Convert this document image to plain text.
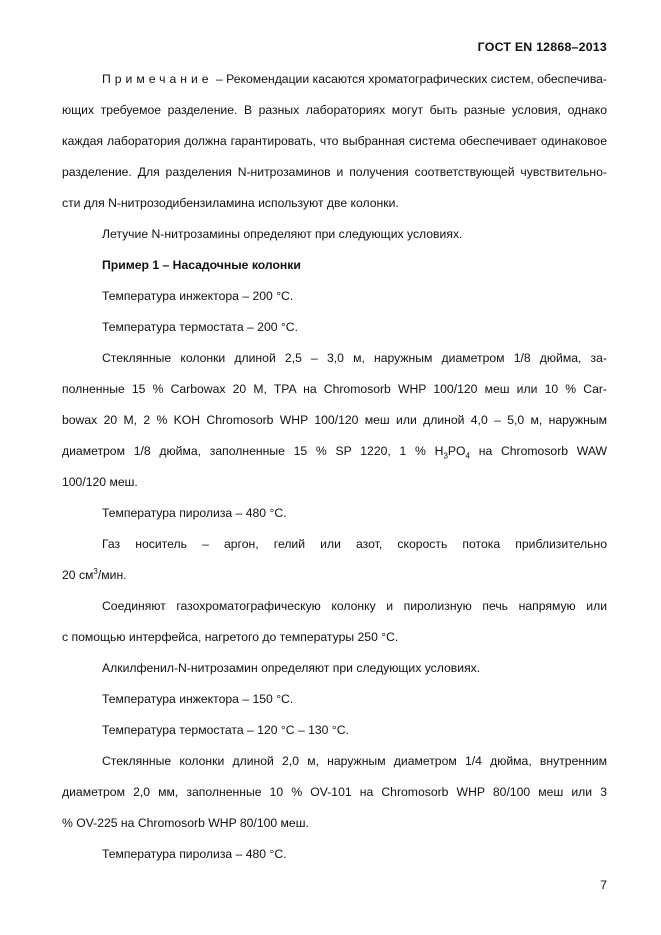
ГОСТ EN 12868–2013

Примечание – Рекомендации касаются хроматографических систем, обеспечива-

ющих требуемое разделение. В разных лабораториях могут быть разные условия, однако

каждая лаборатория должна гарантировать, что выбранная система обеспечивает одинаковое

разделение. Для разделения N-нитрозаминов и получения соответствующей чувствительно-

сти для N-нитрозодибензиламина используют две колонки.

Летучие N-нитрозамины определяют при следующих условиях.

Пример 1 – Насадочные колонки

Температура инжектора – 200 °С.

Температура термостата – 200 °С.

Стеклянные колонки длиной 2,5 – 3,0 м, наружным диаметром 1/8 дюйма, за-

полненные 15 % Carbowax 20 M, TPA на Chromosorb WHP 100/120 меш или 10 % Car-

bowax 20 M, 2 % KOH Chromosorb WHP 100/120 меш или длиной 4,0 – 5,0 м, наружным

диаметром 1/8 дюйма, заполненные 15 % SP 1220, 1 % $H_3PO_4$ на Chromosorb WAW

100/120 меш.

Температура пиролиза – 480 °С.

Газ носитель – аргон, гелий или азот, скорость потока приблизительно

20 $см^3$/мин.

Соединяют газохроматографическую колонку и пиролизную печь напрямую или

с помощью интерфейса, нагретого до температуры 250 °С.

Алкилфенил-N-нитрозамин определяют при следующих условиях.

Температура инжектора – 150 °С.

Температура термостата – 120 °С – 130 °С.

Стеклянные колонки длиной 2,0 м, наружным диаметром 1/4 дюйма, внутренним

диаметром 2,0 мм, заполненные 10 % OV-101 на Chromosorb WHP 80/100 меш или 3

% OV-225 на Chromosorb WHP 80/100 меш.

Температура пиролиза – 480 °С.

7
